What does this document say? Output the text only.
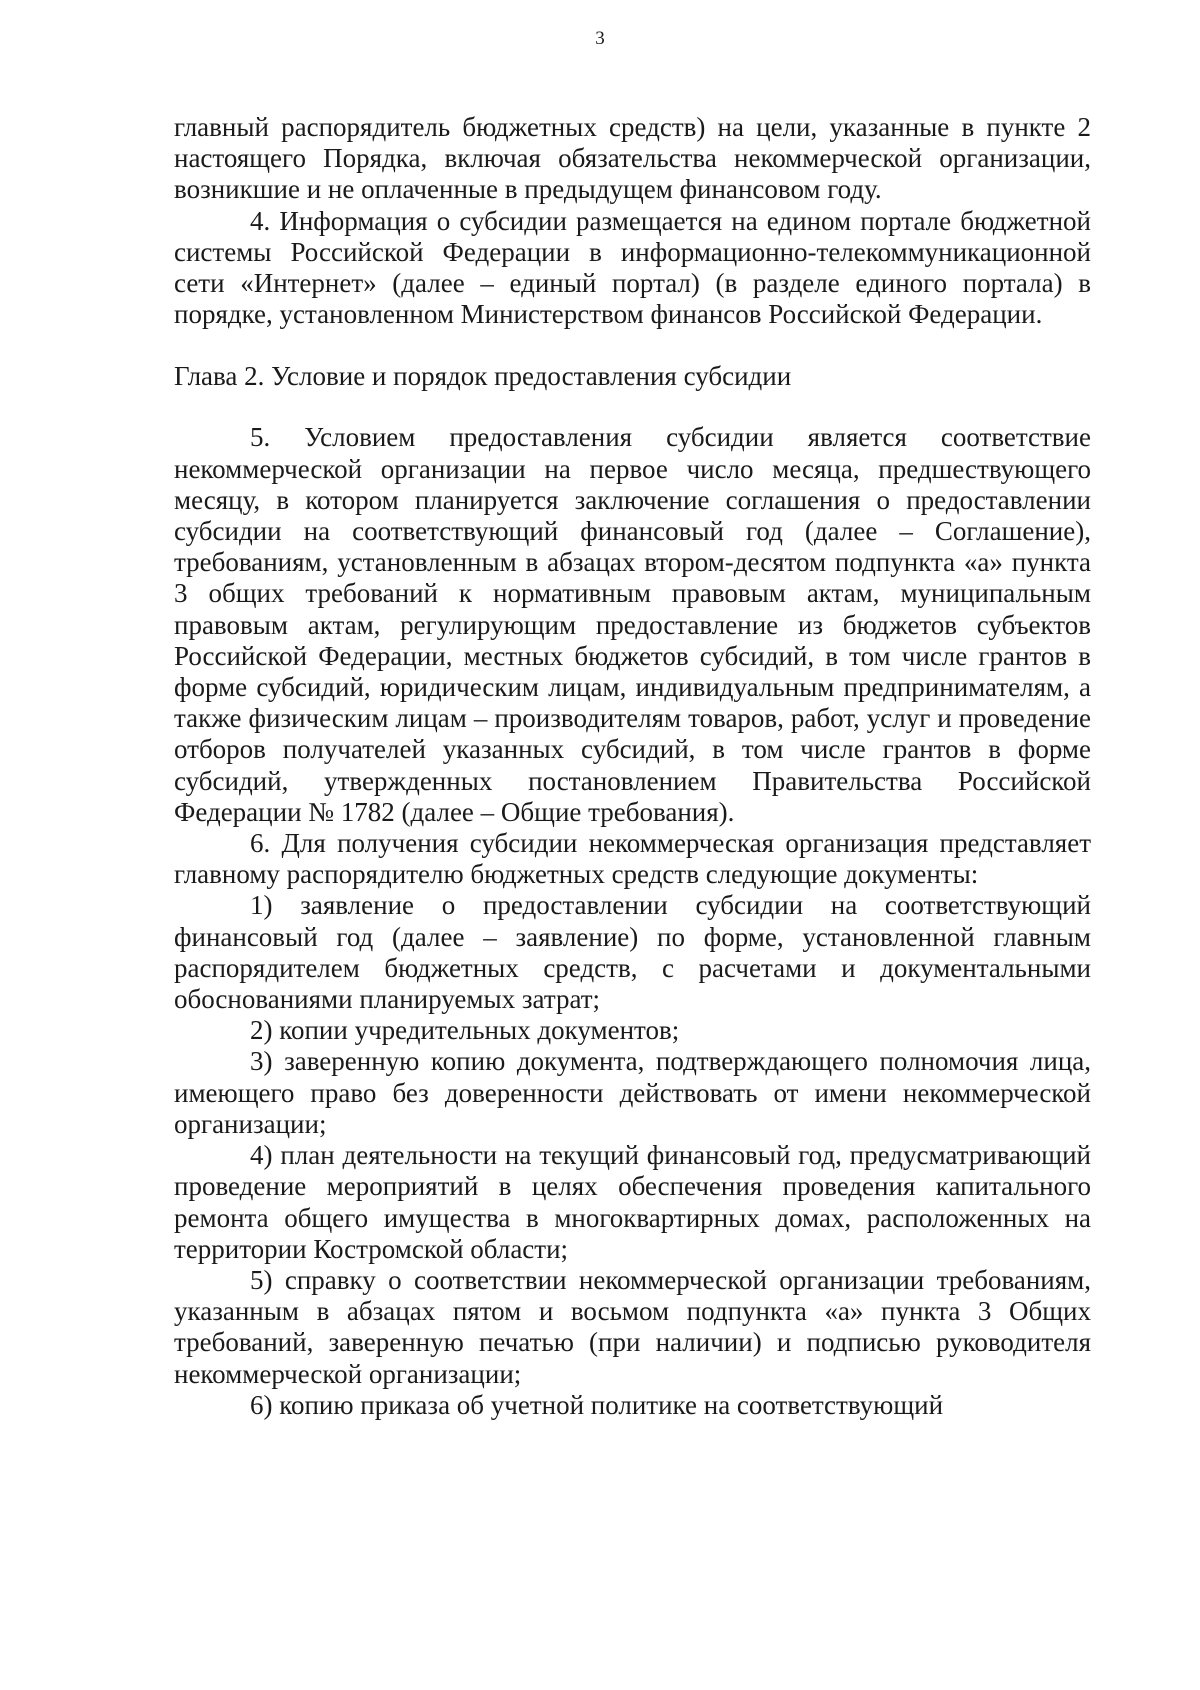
3

главный распорядитель бюджетных средств) на цели, указанные в пункте 2 настоящего Порядка, включая обязательства некоммерческой организации, возникшие и не оплаченные в предыдущем финансовом году.

4. Информация о субсидии размещается на едином портале бюджетной системы Российской Федерации в информационно-телекоммуникационной сети «Интернет» (далее – единый портал) (в разделе единого портала) в порядке, установленном Министерством финансов Российской Федерации.

Глава 2. Условие и порядок предоставления субсидии

5. Условием предоставления субсидии является соответствие некоммерческой организации на первое число месяца, предшествующего месяцу, в котором планируется заключение соглашения о предоставлении субсидии на соответствующий финансовый год (далее – Соглашение), требованиям, установленным в абзацах втором-десятом подпункта «а» пункта 3 общих требований к нормативным правовым актам, муниципальным правовым актам, регулирующим предоставление из бюджетов субъектов Российской Федерации, местных бюджетов субсидий, в том числе грантов в форме субсидий, юридическим лицам, индивидуальным предпринимателям, а также физическим лицам – производителям товаров, работ, услуг и проведение отборов получателей указанных субсидий, в том числе грантов в форме субсидий, утвержденных постановлением Правительства Российской Федерации № 1782 (далее – Общие требования).

6. Для получения субсидии некоммерческая организация представляет главному распорядителю бюджетных средств следующие документы:

1) заявление о предоставлении субсидии на соответствующий финансовый год (далее – заявление) по форме, установленной главным распорядителем бюджетных средств, с расчетами и документальными обоснованиями планируемых затрат;

2) копии учредительных документов;

3) заверенную копию документа, подтверждающего полномочия лица, имеющего право без доверенности действовать от имени некоммерческой организации;

4) план деятельности на текущий финансовый год, предусматривающий проведение мероприятий в целях обеспечения проведения капитального ремонта общего имущества в многоквартирных домах, расположенных на территории Костромской области;

5) справку о соответствии некоммерческой организации требованиям, указанным в абзацах пятом и восьмом подпункта «а» пункта 3 Общих требований, заверенную печатью (при наличии) и подписью руководителя некоммерческой организации;

6) копию приказа об учетной политике на соответствующий
